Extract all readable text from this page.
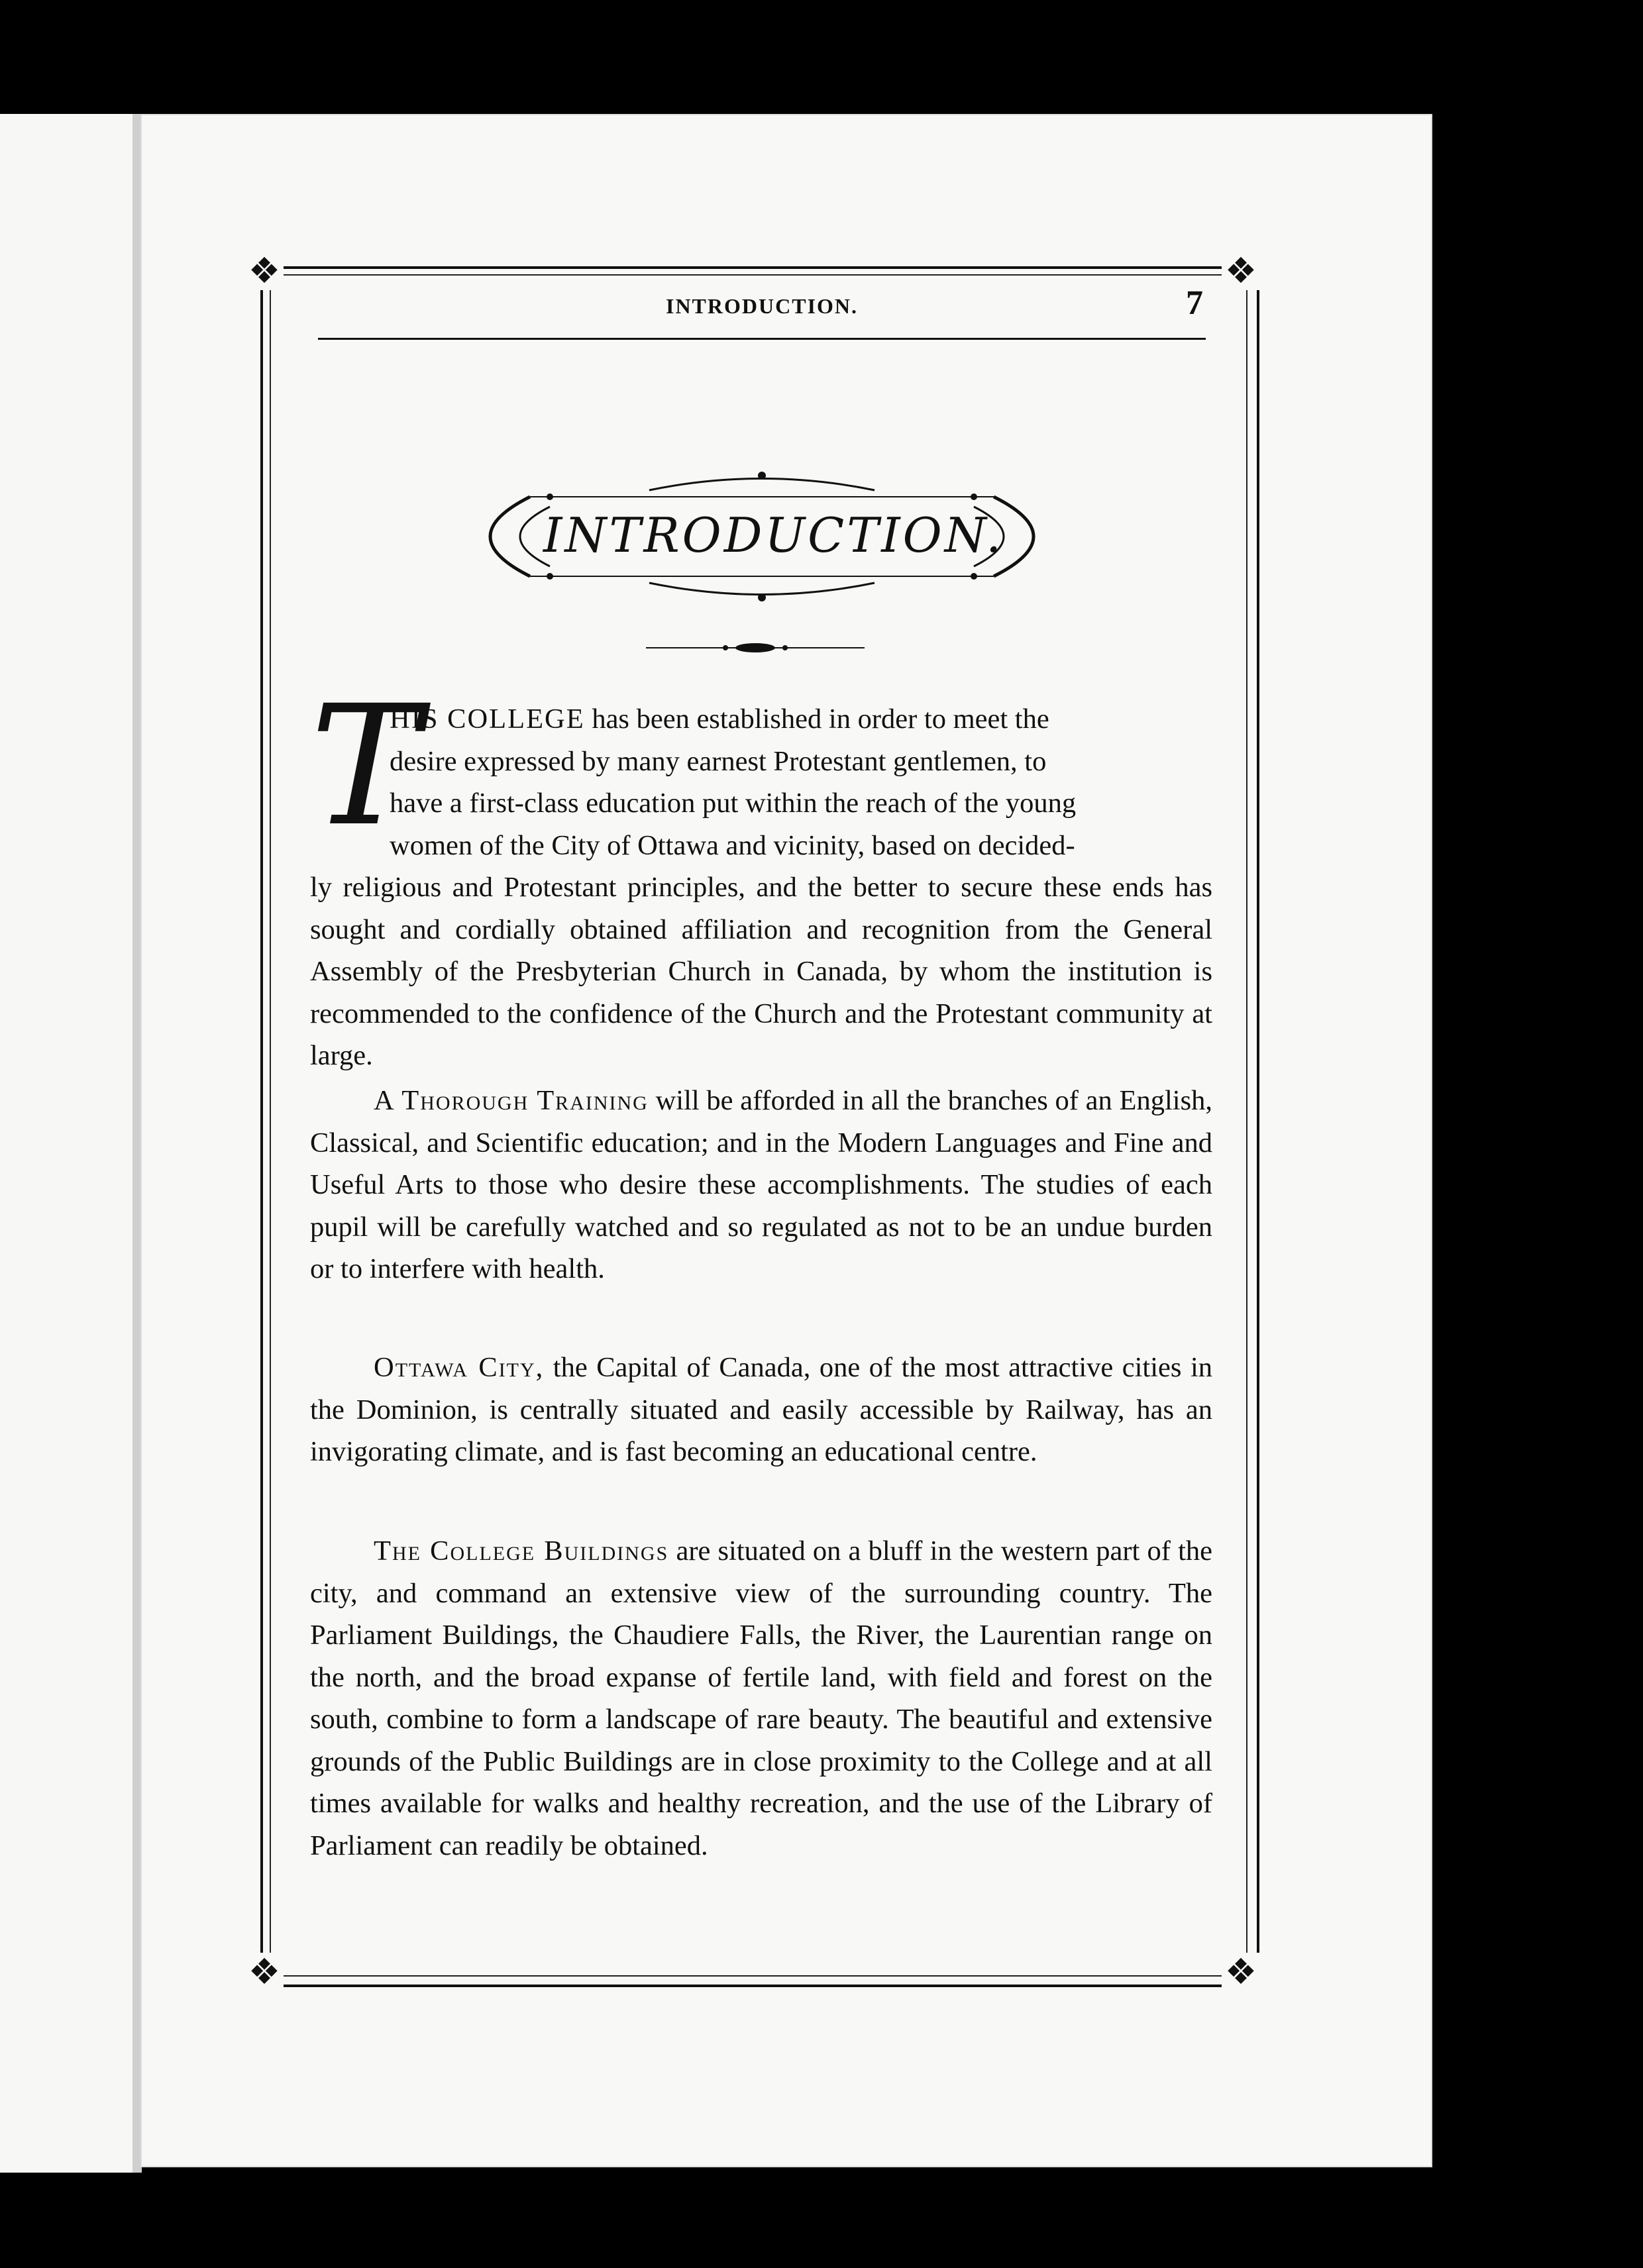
❖	❖
❖	❖
INTRODUCTION.	7
INTRODUCTION.
T
HIS COLLEGE has been established in order to meet the
desire expressed by many earnest Protestant gentlemen, to
have a first-class education put within the reach of the young
women of the City of Ottawa and vicinity, based on decided-
ly religious and Protestant principles, and the better to secure these ends has sought and cordially obtained affiliation and recognition from the General Assembly of the Presbyterian Church in Canada, by whom the institution is recommended to the confidence of the Church and the Protestant community at large.
A Thorough Training will be afforded in all the branches of an English, Classical, and Scientific education; and in the Modern Languages and Fine and Useful Arts to those who desire these accomplishments. The studies of each pupil will be carefully watched and so regulated as not to be an undue burden or to interfere with health.
Ottawa City, the Capital of Canada, one of the most attractive cities in the Dominion, is centrally situated and easily accessible by Railway, has an invigorating climate, and is fast becoming an educational centre.
The College Buildings are situated on a bluff in the western part of the city, and command an extensive view of the surrounding country. The Parliament Buildings, the Chaudiere Falls, the River, the Laurentian range on the north, and the broad expanse of fertile land, with field and forest on the south, combine to form a landscape of rare beauty. The beautiful and extensive grounds of the Public Buildings are in close proximity to the College and at all times available for walks and healthy recreation, and the use of the Library of Parliament can readily be obtained.
